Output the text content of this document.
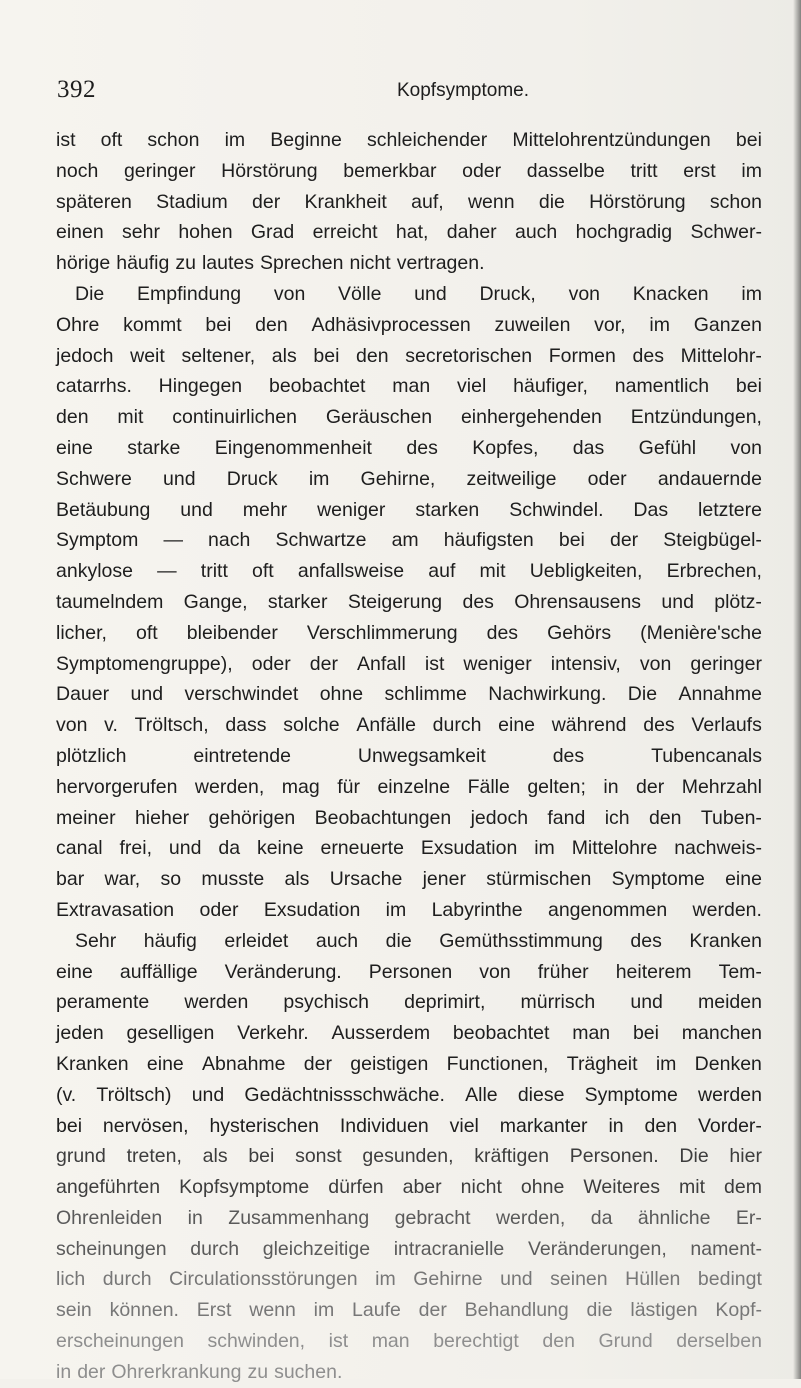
392	Kopfsymptome.
ist oft schon im Beginne schleichender Mittelohrentzündungen bei
noch geringer Hörstörung bemerkbar oder dasselbe tritt erst im
späteren Stadium der Krankheit auf, wenn die Hörstörung schon
einen sehr hohen Grad erreicht hat, daher auch hochgradig Schwer-
hörige häufig zu lautes Sprechen nicht vertragen.
Die Empfindung von Völle und Druck, von Knacken im
Ohre kommt bei den Adhäsivprocessen zuweilen vor, im Ganzen
jedoch weit seltener, als bei den secretorischen Formen des Mittelohr-
catarrhs. Hingegen beobachtet man viel häufiger, namentlich bei
den mit continuirlichen Geräuschen einhergehenden Entzündungen,
eine starke Eingenommenheit des Kopfes, das Gefühl von
Schwere und Druck im Gehirne, zeitweilige oder andauernde
Betäubung und mehr weniger starken Schwindel. Das letztere
Symptom — nach Schwartze am häufigsten bei der Steigbügel-
ankylose — tritt oft anfallsweise auf mit Uebligkeiten, Erbrechen,
taumelndem Gange, starker Steigerung des Ohrensausens und plötz-
licher, oft bleibender Verschlimmerung des Gehörs (Menière'sche
Symptomengruppe), oder der Anfall ist weniger intensiv, von geringer
Dauer und verschwindet ohne schlimme Nachwirkung. Die Annahme
von v. Tröltsch, dass solche Anfälle durch eine während des Verlaufs
plötzlich	eintretende	Unwegsamkeit	des	Tubencanals
hervorgerufen werden, mag für einzelne Fälle gelten; in der Mehrzahl
meiner hieher gehörigen Beobachtungen jedoch fand ich den Tuben-
canal frei, und da keine erneuerte Exsudation im Mittelohre nachweis-
bar war, so musste als Ursache jener stürmischen Symptome eine
Extravasation oder Exsudation im Labyrinthe angenommen werden.
Sehr häufig erleidet auch die Gemüthsstimmung des Kranken
eine auffällige Veränderung. Personen von früher heiterem Tem-
peramente werden psychisch deprimirt, mürrisch und meiden
jeden geselligen Verkehr. Ausserdem beobachtet man bei manchen
Kranken eine Abnahme der geistigen Functionen, Trägheit im Denken
(v. Tröltsch) und Gedächtnissschwäche. Alle diese Symptome werden
bei nervösen, hysterischen Individuen viel markanter in den Vorder-
grund treten, als bei sonst gesunden, kräftigen Personen. Die hier
angeführten Kopfsymptome dürfen aber nicht ohne Weiteres mit dem
Ohrenleiden in Zusammenhang gebracht werden, da ähnliche Er-
scheinungen durch gleichzeitige intracranielle Veränderungen, nament-
lich durch Circulationsstörungen im Gehirne und seinen Hüllen bedingt
sein können. Erst wenn im Laufe der Behandlung die lästigen Kopf-
erscheinungen schwinden, ist man berechtigt den Grund derselben
in der Ohrerkrankung zu suchen.
